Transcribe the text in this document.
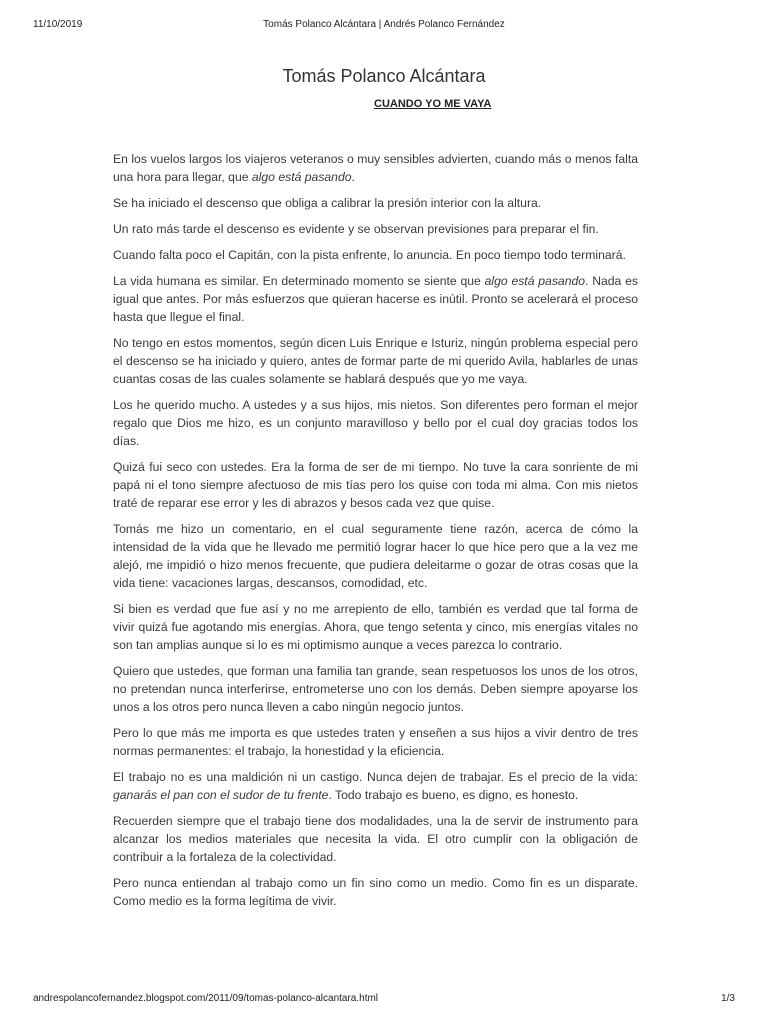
11/10/2019	Tomás Polanco Alcántara | Andrés Polanco Fernández
Tomás Polanco Alcántara
CUANDO YO ME VAYA

En los vuelos largos los viajeros veteranos o muy sensibles advierten, cuando más o menos falta una hora para llegar, que algo está pasando.

Se ha iniciado el descenso que obliga a calibrar la presión interior con la altura.

Un rato más tarde el descenso es evidente y se observan previsiones para preparar el fin.

Cuando falta poco el Capitán, con la pista enfrente, lo anuncia. En poco tiempo todo terminará.

La vida humana es similar. En determinado momento se siente que algo está pasando. Nada es igual que antes. Por más esfuerzos que quieran hacerse es inútil. Pronto se acelerará el proceso hasta que llegue el final.

No tengo en estos momentos, según dicen Luis Enrique e Isturiz, ningún problema especial pero el descenso se ha iniciado y quiero, antes de formar parte de mi querido Avila, hablarles de unas cuantas cosas de las cuales solamente se hablará después que yo me vaya.

Los he querido mucho. A ustedes y a sus hijos, mis nietos. Son diferentes pero forman el mejor regalo que Dios me hizo, es un conjunto maravilloso y bello por el cual doy gracias todos los días.

Quizá fui seco con ustedes. Era la forma de ser de mi tiempo. No tuve la cara sonriente de mi papá ni el tono siempre afectuoso de mis tías pero los quise con toda mi alma. Con mis nietos traté de reparar ese error y les di abrazos y besos cada vez que quise.

Tomás me hizo un comentario, en el cual seguramente tiene razón, acerca de cómo la intensidad de la vida que he llevado me permitió lograr hacer lo que hice pero que a la vez me alejó, me impidió o hizo menos frecuente, que pudiera deleitarme o gozar de otras cosas que la vida tiene: vacaciones largas, descansos, comodidad, etc.

Si bien es verdad que fue así y no me arrepiento de ello, también es verdad que tal forma de vivir quizá fue agotando mis energías. Ahora, que tengo setenta y cinco, mis energías vitales no son tan amplias aunque si lo es mi optimismo aunque a veces parezca lo contrario.

Quiero que ustedes, que forman una familia tan grande, sean respetuosos los unos de los otros, no pretendan nunca interferirse, entrometerse uno con los demás. Deben siempre apoyarse los unos a los otros pero nunca lleven a cabo ningún negocio juntos.

Pero lo que más me importa es que ustedes traten y enseñen a sus hijos a vivir dentro de tres normas permanentes: el trabajo, la honestidad y la eficiencia.

El trabajo no es una maldición ni un castigo. Nunca dejen de trabajar. Es el precio de la vida: ganarás el pan con el sudor de tu frente. Todo trabajo es bueno, es digno, es honesto.

Recuerden siempre que el trabajo tiene dos modalidades, una la de servir de instrumento para alcanzar los medios materiales que necesita la vida. El otro cumplir con la obligación de contribuir a la fortaleza de la colectividad.

Pero nunca entiendan al trabajo como un fin sino como un medio. Como fin es un disparate. Como medio es la forma legítima de vivir.

andrespolancofernandez.blogspot.com/2011/09/tomas-polanco-alcantara.html	1/3
